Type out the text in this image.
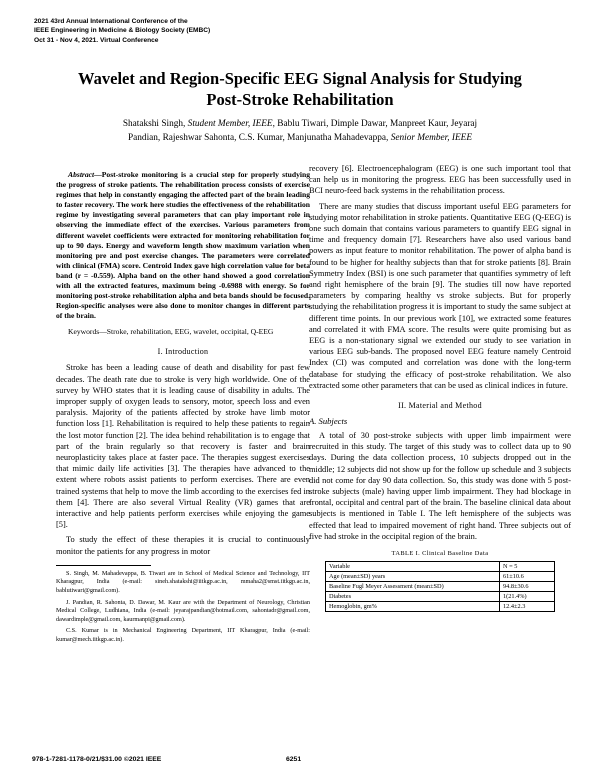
2021 43rd Annual International Conference of the
IEEE Engineering in Medicine & Biology Society (EMBC)
Oct 31 - Nov 4, 2021. Virtual Conference
Wavelet and Region-Specific EEG Signal Analysis for Studying
Post-Stroke Rehabilitation
Shatakshi Singh, Student Member, IEEE, Bablu Tiwari, Dimple Dawar, Manpreet Kaur, Jeyaraj
Pandian, Rajeshwar Sahonta, C.S. Kumar, Manjunatha Mahadevappa, Senior Member, IEEE

Abstract—Post-stroke monitoring is a crucial step for properly studying the progress of stroke patients. The rehabilitation process consists of exercise regimes that help in constantly engaging the affected part of the brain leading to faster recovery. The work here studies the effectiveness of the rehabilitation regime by investigating several parameters that can play important role in observing the immediate effect of the exercises. Various parameters from different wavelet coefficients were extracted for monitoring rehabilitation for up to 90 days. Energy and waveform length show maximum variation when monitoring pre and post exercise changes. The parameters were correlated with clinical (FMA) score. Centroid Index gave high correlation value for beta band (r = -0.559). Alpha band on the other hand showed a good correlation with all the extracted features, maximum being -0.6988 with energy. So for monitoring post-stroke rehabilitation alpha and beta bands should be focused. Region-specific analyses were also done to monitor changes in different parts of the brain.

Keywords—Stroke, rehabilitation, EEG, wavelet, occipital, Q-EEG

I. Introduction

Stroke has been a leading cause of death and disability for past few decades. The death rate due to stroke is very high worldwide. One of the survey by WHO states that it is leading cause of disability in adults. The improper supply of oxygen leads to sensory, motor, speech loss and even paralysis. Majority of the patients affected by stroke have limb motor function loss [1]. Rehabilitation is required to help these patients to regain the lost motor function [2]. The idea behind rehabilitation is to engage that part of the brain regularly so that recovery is faster and brain neuroplasticity takes place at faster pace. The therapies suggest exercises that mimic daily life activities [3]. The therapies have advanced to the extent where robots assist patients to perform exercises. There are even trained systems that help to move the limb according to the exercises fed in them [4]. There are also several Virtual Reality (VR) games that are interactive and help patients perform exercises while enjoying the game [5].

To study the effect of these therapies it is crucial to continuously monitor the patients for any progress in motor

S. Singh, M. Mahadevappa, B. Tiwari are in School of Medical Science and Technology, IIT Kharagpur, India (e-mail: sineh.shatakshi@iitkgp.ac.in, mmaha2@smst.iitkgp.ac.in, bablutiwari@gmail.com).

J. Pandian, R. Sahonta, D. Dawar, M. Kaur are with the Department of Neurology, Christian Medical College, Ludhiana, India (e-mail: jeyarajpandian@hotmail.com, sahontadr@gmail.com, dawardimple@gmail.com, kaurmanpi@gmail.com).

C.S. Kumar is in Mechanical Engineering Department, IIT Kharagpur, India (e-mail: kumar@mech.iitkgp.ac.in).

recovery [6]. Electroencephalogram (EEG) is one such important tool that can help us in monitoring the progress. EEG has been successfully used in BCI neuro-feed back systems in the rehabilitation process.

There are many studies that discuss important useful EEG parameters for studying motor rehabilitation in stroke patients. Quantitative EEG (Q-EEG) is one such domain that contains various parameters to quantify EEG signal in time and frequency domain [7]. Researchers have also used various band powers as input feature to monitor rehabilitation. The power of alpha band is found to be higher for healthy subjects than that for stroke patients [8]. Brain Symmetry Index (BSI) is one such parameter that quantifies symmetry of left and right hemisphere of the brain [9]. The studies till now have reported parameters by comparing healthy vs stroke subjects. But for properly studying the rehabilitation progress it is important to study the same subject at different time points. In our previous work [10], we extracted some features and correlated it with FMA score. The results were quite promising but as EEG is a non-stationary signal we extended our study to see variation in various EEG sub-bands. The proposed novel EEG feature namely Centroid Index (CI) was computed and correlation was done with the long-term database for studying the efficacy of post-stroke rehabilitation. We also extracted some other parameters that can be used as clinical indices in future.

II. Material and Method
A. Subjects

A total of 30 post-stroke subjects with upper limb impairment were recruited in this study. The target of this study was to collect data up to 90 days. During the data collection process, 10 subjects dropped out in the middle; 12 subjects did not show up for the follow up schedule and 3 subjects did not come for day 90 data collection. So, this study was done with 5 post-stroke subjects (male) having upper limb impairment. They had blockage in frontal, occipital and central part of the brain. The baseline clinical data about subjects is mentioned in Table I. The left hemisphere of the subjects was effected that lead to impaired movement of right hand. Three subjects out of five had stroke in the occipital region of the brain.

TABLE I. Clinical Baseline Data
Variable	N = 5
Age (mean±SD) years	61±10.6
Baseline Fugl Meyer Assessment (mean±SD)	94.8±30.6
Diabetes	1(21.4%)
Hemoglobin, gm%	12.4±2.3
978-1-7281-1178-0/21/$31.00 ©2021 IEEE	6251
